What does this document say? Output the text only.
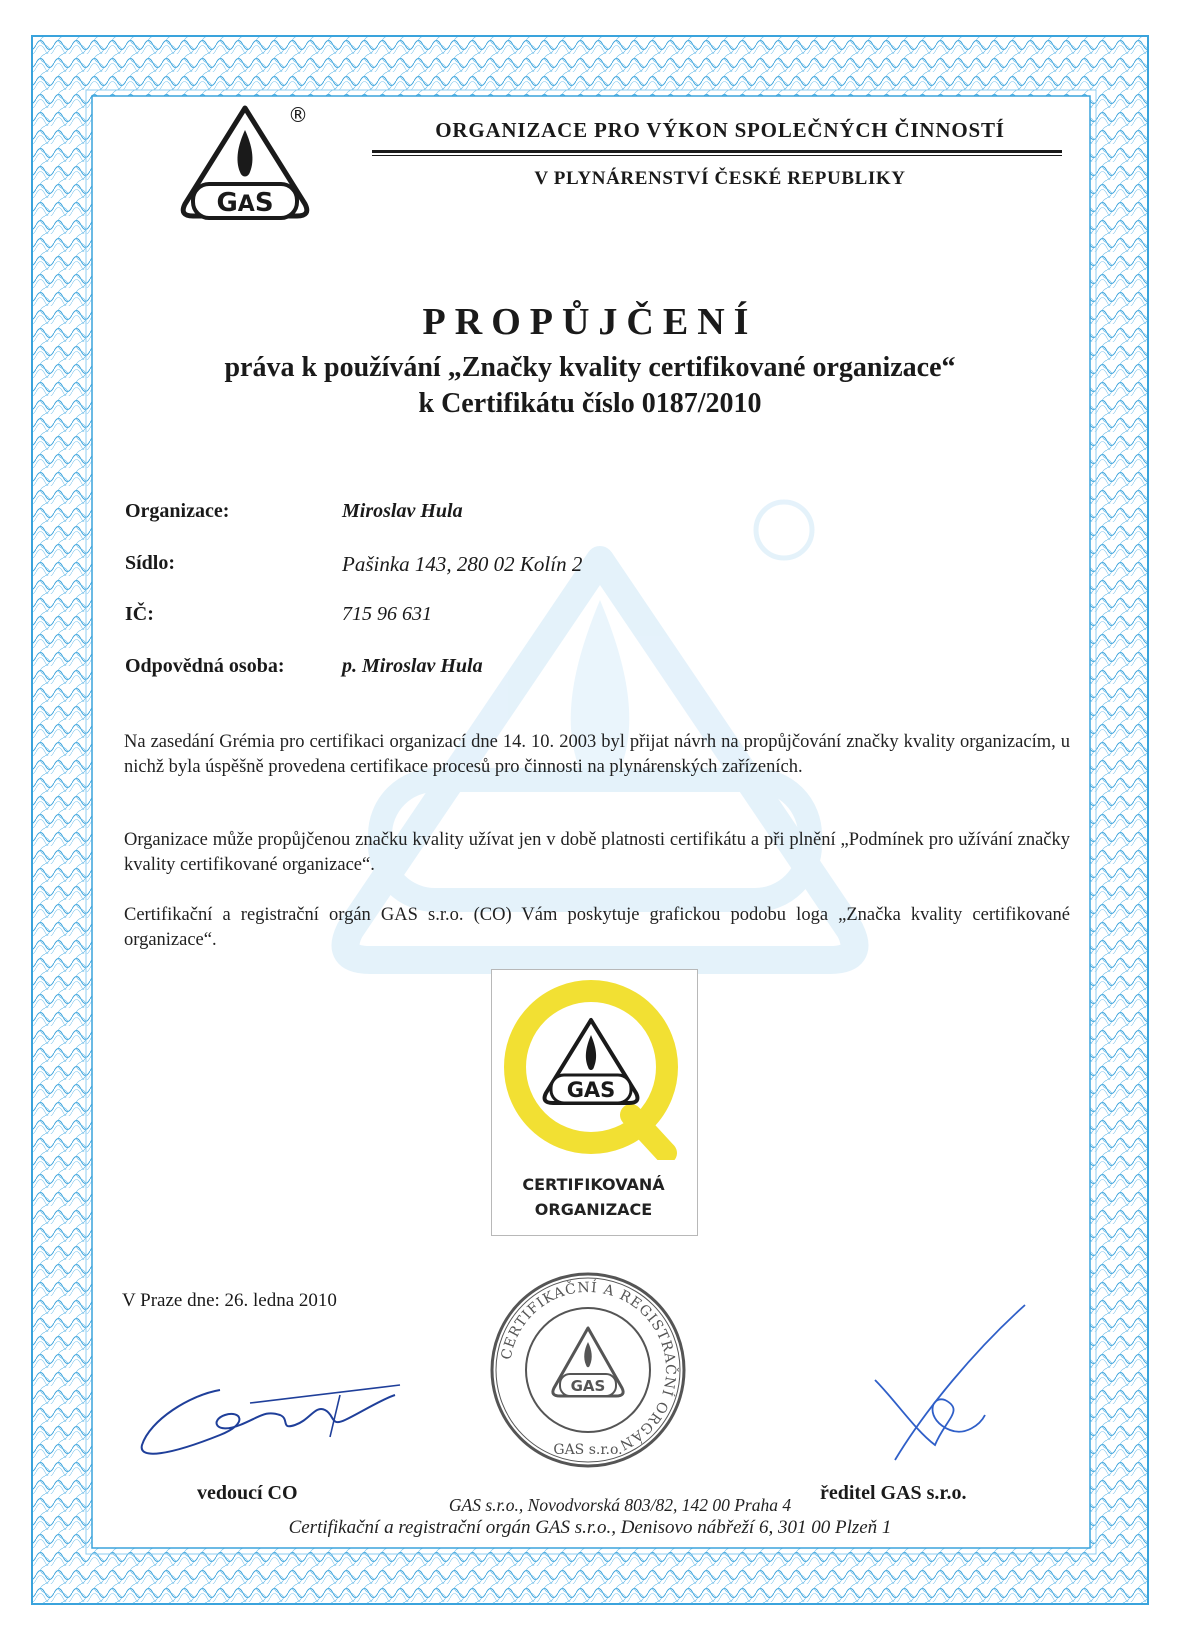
GAS
®
ORGANIZACE PRO VÝKON SPOLEČNÝCH ČINNOSTÍ
V PLYNÁRENSTVÍ ČESKÉ REPUBLIKY
PROPŮJČENÍ
práva k používání „Značky kvality certifikované organizace“
k Certifikátu číslo 0187/2010
Organizace:	Miroslav Hula
Sídlo:	Pašinka 143, 280 02 Kolín 2
IČ:	715 96 631
Odpovědná osoba:	p. Miroslav Hula
Na zasedání Grémia pro certifikaci organizací dne 14. 10. 2003 byl přijat návrh na propůjčování značky kvality organizacím, u nichž byla úspěšně provedena certifikace procesů pro činnosti na plynárenských zařízeních.
Organizace může propůjčenou značku kvality užívat jen v době platnosti certifikátu a při plnění „Podmínek pro užívání značky kvality certifikované organizace“.
Certifikační a registrační orgán GAS s.r.o. (CO) Vám poskytuje grafickou podobu loga „Značka kvality certifikované organizace“.
GAS
CERTIFIKOVANÁ
ORGANIZACE
V Praze dne: 26. ledna 2010
vedoucí CO
CERTIFIKAČNÍ A REGISTRAČNÍ ORGÁN
GAS s.r.o.
GAS
ředitel GAS s.r.o.
GAS s.r.o., Novodvorská 803/82, 142 00 Praha 4
Certifikační a registrační orgán GAS s.r.o., Denisovo nábřeží 6, 301 00 Plzeň 1
